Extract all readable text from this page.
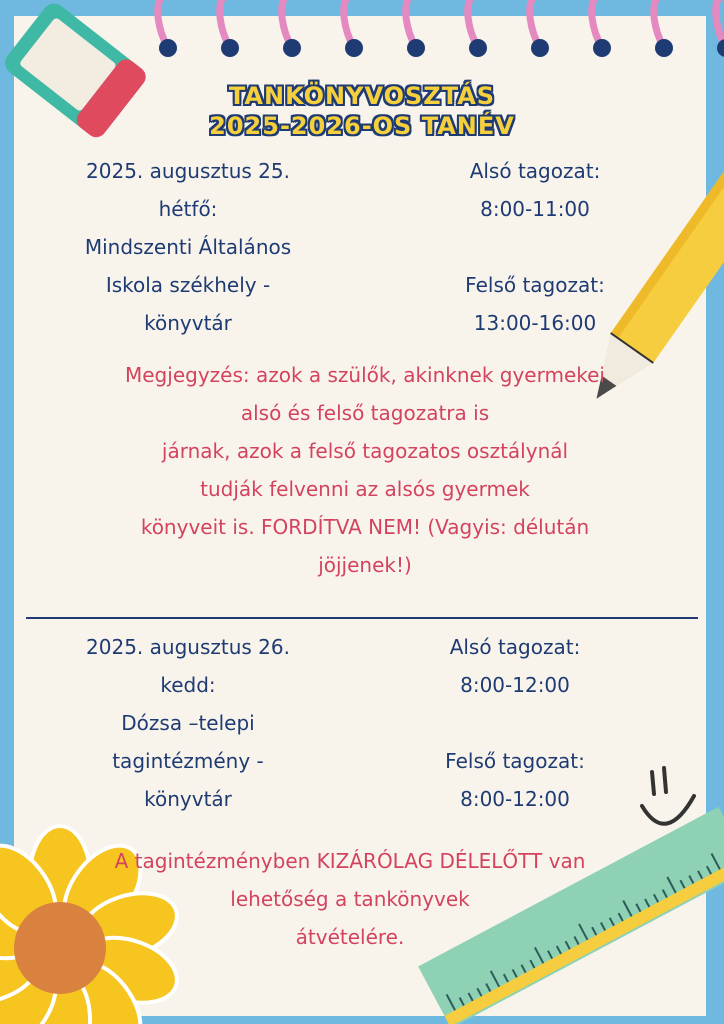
TANKÖNYVOSZTÁS
2025-2026-OS TANÉV
2025. augusztus 25.
hétfő:
Mindszenti Általános
Iskola székhely -
könyvtár
Alsó tagozat:
8:00-11:00

Felső tagozat:
13:00-16:00
Megjegyzés: azok a szülők, akinknek gyermekei
alsó és felső tagozatra is
járnak, azok a felső tagozatos osztálynál
tudják felvenni az alsós gyermek
könyveit is. FORDÍTVA NEM! (Vagyis: délután
jöjjenek!)
2025. augusztus 26.
kedd:
Dózsa –telepi
tagintézmény -
könyvtár
Alsó tagozat:
8:00-12:00

Felső tagozat:
8:00-12:00
A tagintézményben KIZÁRÓLAG DÉLELŐTT van
lehetőség a tankönyvek
átvételére.
